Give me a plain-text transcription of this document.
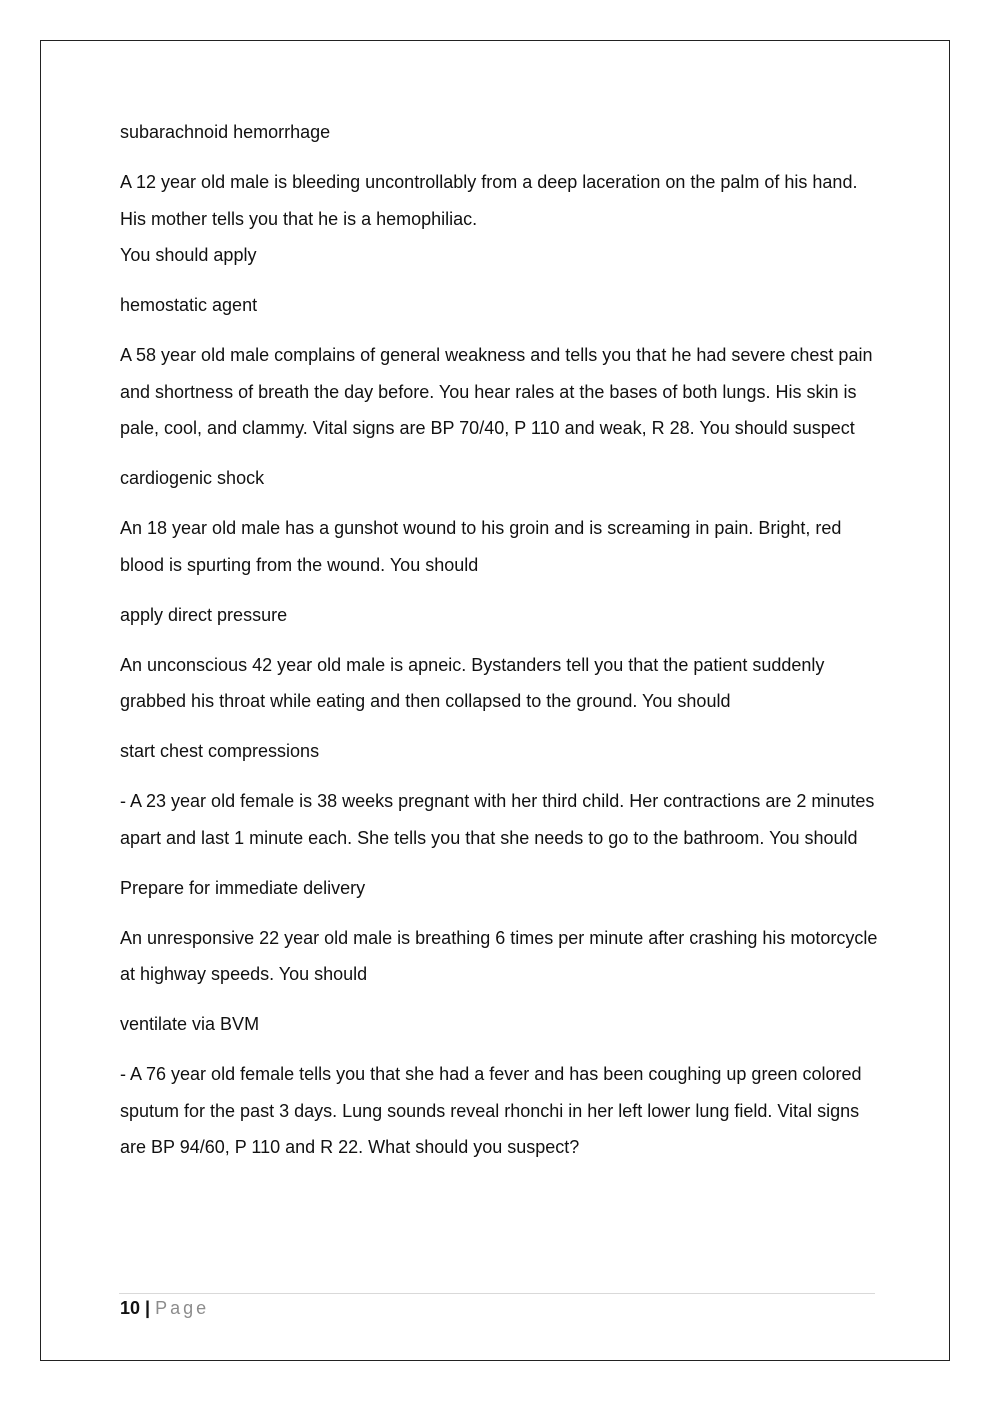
subarachnoid hemorrhage

A 12 year old male is bleeding uncontrollably from a deep laceration on the palm of his hand. His mother tells you that he is a hemophiliac.

You should apply

hemostatic agent

A 58 year old male complains of general weakness and tells you that he had severe chest pain and shortness of breath the day before. You hear rales at the bases of both lungs. His skin is pale, cool, and clammy. Vital signs are BP 70/40, P 110 and weak, R 28. You should suspect

cardiogenic shock

An 18 year old male has a gunshot wound to his groin and is screaming in pain. Bright, red blood is spurting from the wound. You should

apply direct pressure

An unconscious 42 year old male is apneic. Bystanders tell you that the patient suddenly grabbed his throat while eating and then collapsed to the ground. You should

start chest compressions

- A 23 year old female is 38 weeks pregnant with her third child. Her contractions are 2 minutes apart and last 1 minute each. She tells you that she needs to go to the bathroom. You should

Prepare for immediate delivery

An unresponsive 22 year old male is breathing 6 times per minute after crashing his motorcycle at highway speeds. You should

ventilate via BVM

- A 76 year old female tells you that she had a fever and has been coughing up green colored sputum for the past 3 days. Lung sounds reveal rhonchi in her left lower lung field. Vital signs are BP 94/60, P 110 and R 22. What should you suspect?

10 | Page
